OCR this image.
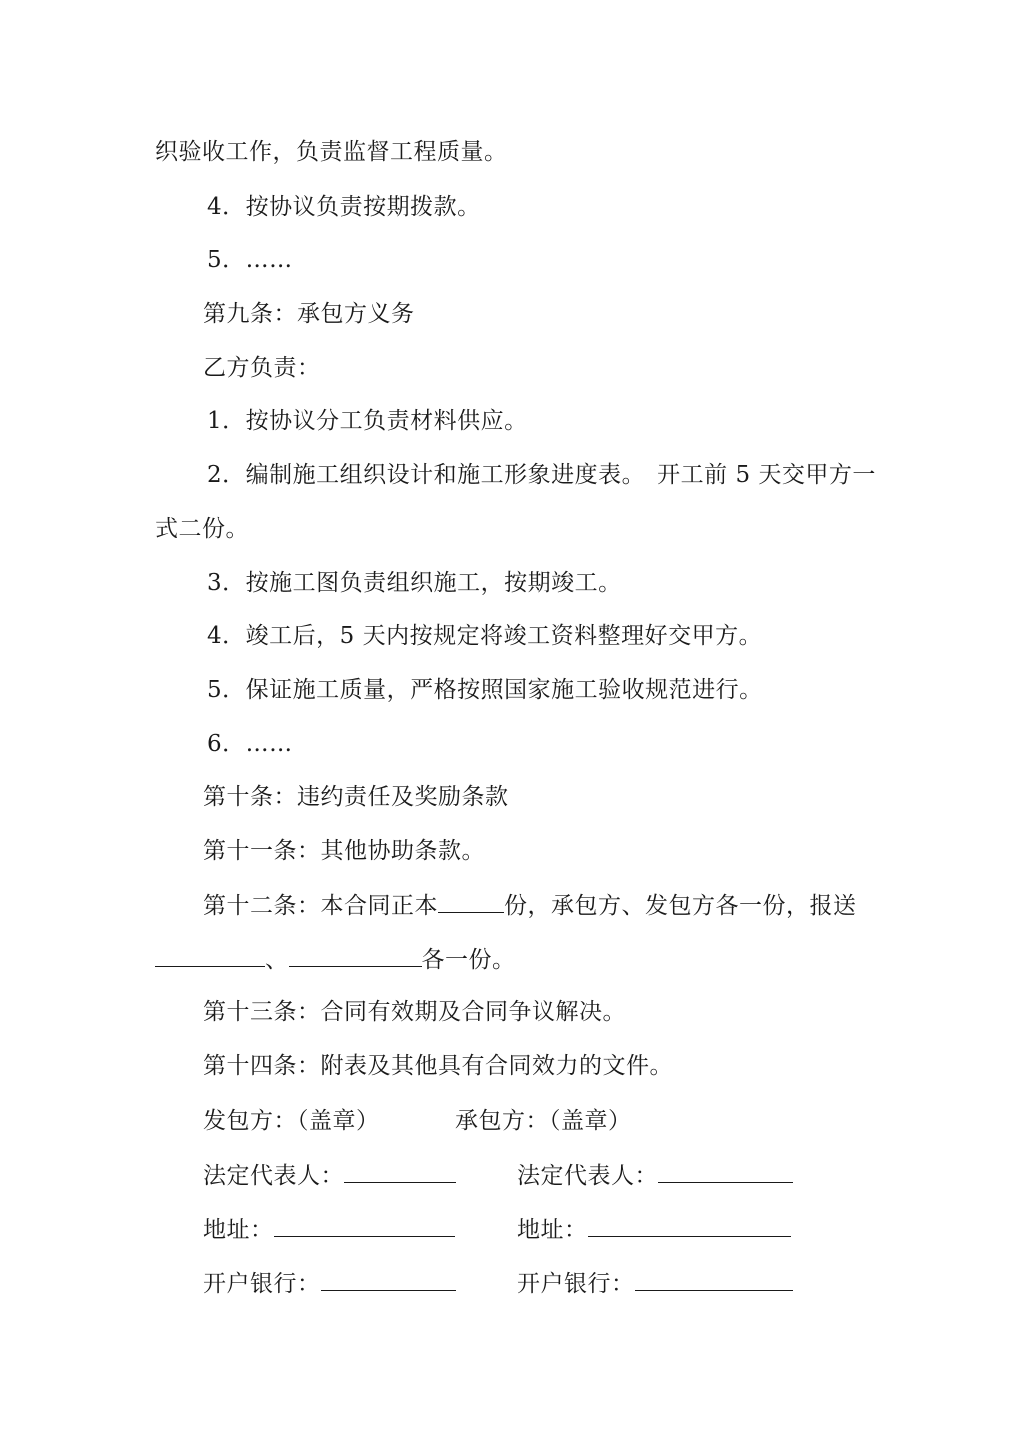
织验收工作，负责监督工程质量。
4．按协议负责按期拨款。
5．……
第九条：承包方义务
乙方负责：
1．按协议分工负责材料供应。
2．编制施工组织设计和施工形象进度表。　开工前 5 天交甲方一
式二份。
3．按施工图负责组织施工，按期竣工。
4．竣工后，5 天内按规定将竣工资料整理好交甲方。
5．保证施工质量，严格按照国家施工验收规范进行。
6．……
第十条：违约责任及奖励条款
第十一条：其他协助条款。
第十二条：本合同正本	份，承包方、发包方各一份，报送
、	各一份。
第十三条：合同有效期及合同争议解决。
第十四条：附表及其他具有合同效力的文件。
发包方：（盖章）	承包方：（盖章）
法定代表人：	法定代表人：
地址：	地址：
开户银行：	开户银行：
